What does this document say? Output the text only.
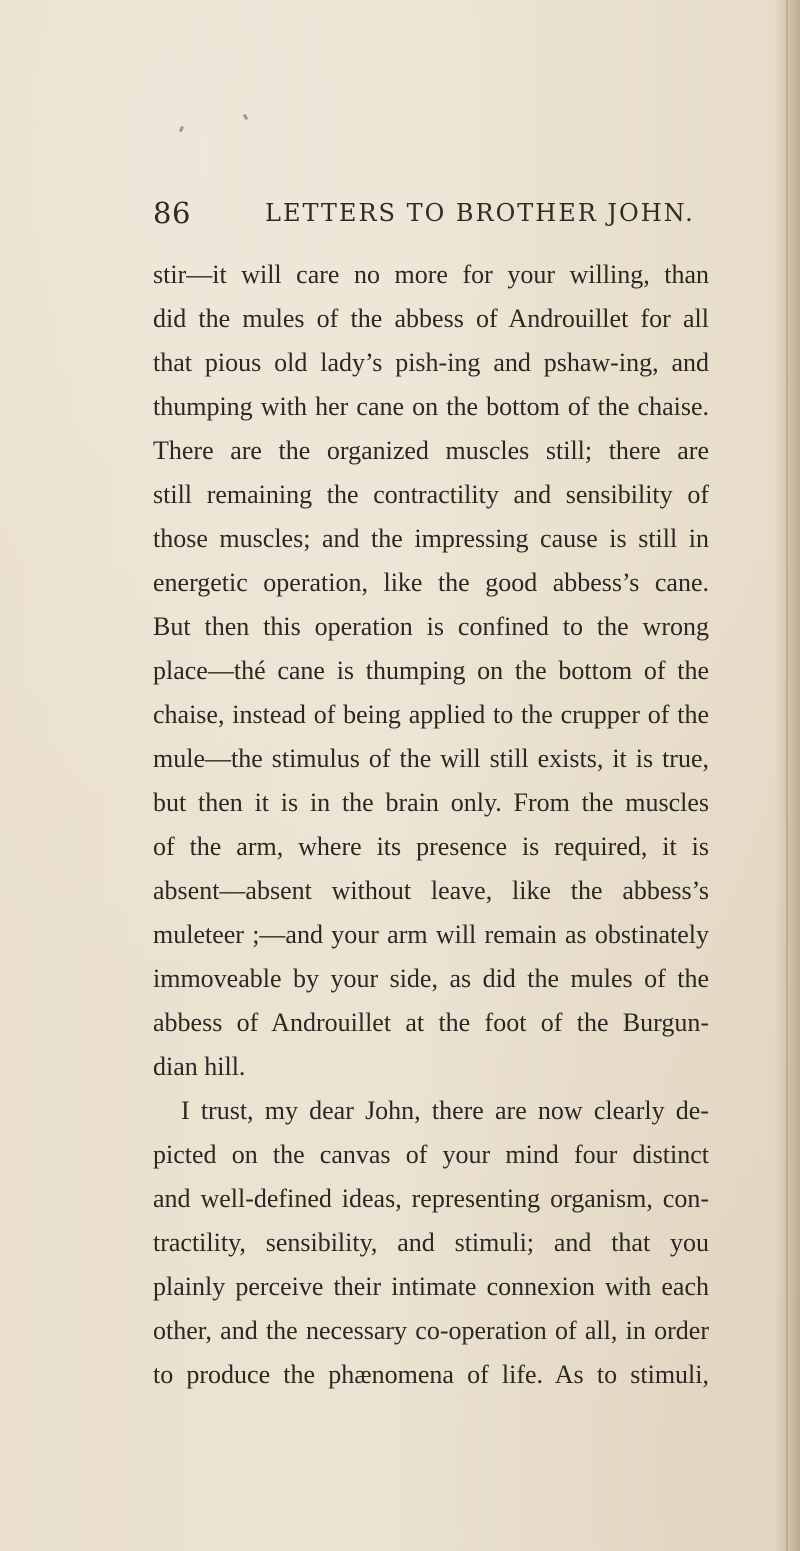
86	LETTERS TO BROTHER JOHN.
stir—it will care no more for your willing, than
did the mules of the abbess of Androuillet for all
that pious old lady’s pish-ing and pshaw-ing, and
thumping with her cane on the bottom of the chaise.
There are the organized muscles still; there are
still remaining the contractility and sensibility of
those muscles; and the impressing cause is still in
energetic operation, like the good abbess’s cane.
But then this operation is confined to the wrong
place—thé cane is thumping on the bottom of the
chaise, instead of being applied to the crupper of the
mule—the stimulus of the will still exists, it is true,
but then it is in the brain only. From the muscles
of the arm, where its presence is required, it is
absent—absent without leave, like the abbess’s
muleteer ;—and your arm will remain as obstinately
immoveable by your side, as did the mules of the
abbess of Androuillet at the foot of the Burgun-
dian hill.
I trust, my dear John, there are now clearly de-
picted on the canvas of your mind four distinct
and well-defined ideas, representing organism, con-
tractility, sensibility, and stimuli; and that you
plainly perceive their intimate connexion with each
other, and the necessary co-operation of all, in order
to produce the phænomena of life. As to stimuli,
